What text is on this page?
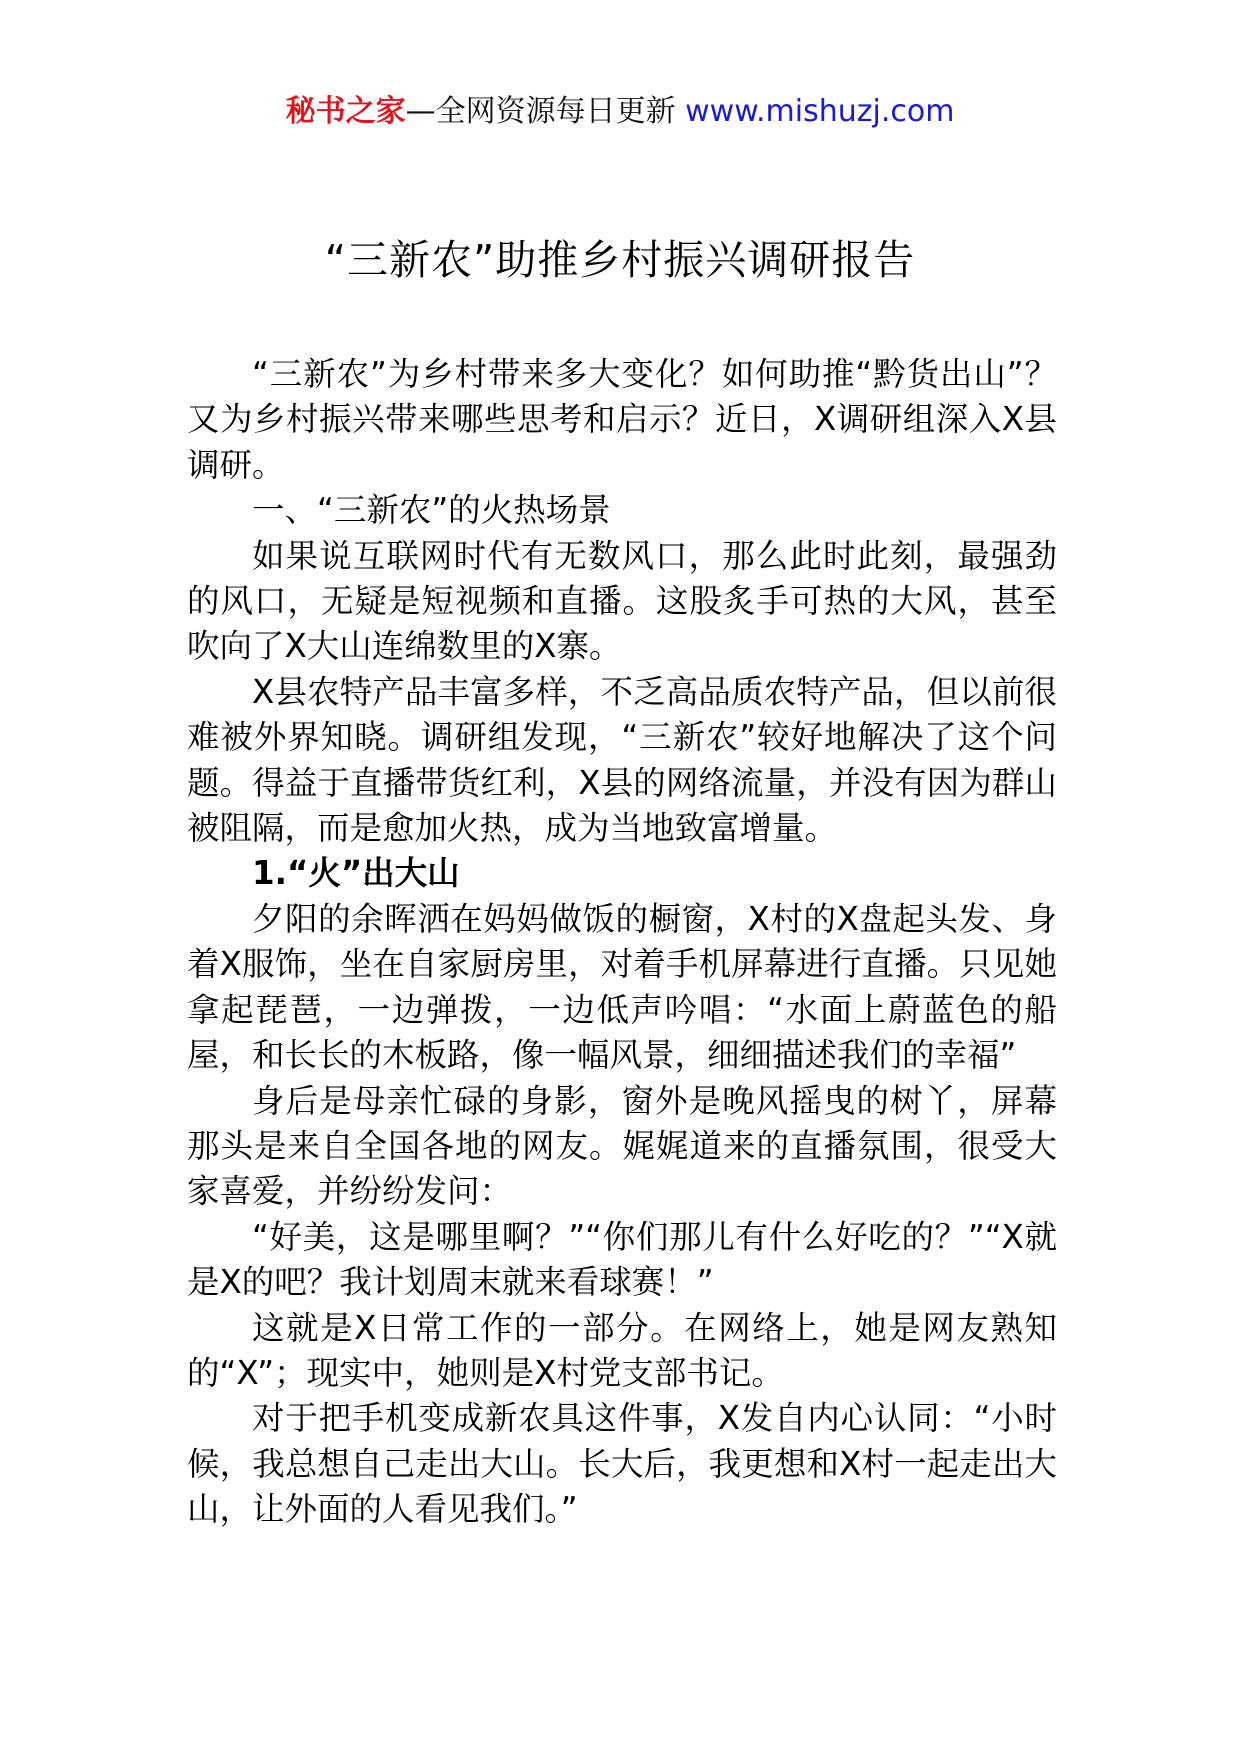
秘书之家—全网资源每日更新 www.mishuzj.com
“三新农”助推乡村振兴调研报告

“三新农”为乡村带来多大变化？如何助推“黔货出山”？又为乡村振兴带来哪些思考和启示？近日，X调研组深入X县调研。

一、“三新农”的火热场景

如果说互联网时代有无数风口，那么此时此刻，最强劲的风口，无疑是短视频和直播。这股炙手可热的大风，甚至吹向了X大山连绵数里的X寨。

X县农特产品丰富多样，不乏高品质农特产品，但以前很难被外界知晓。调研组发现，“三新农”较好地解决了这个问题。得益于直播带货红利，X县的网络流量，并没有因为群山被阻隔，而是愈加火热，成为当地致富增量。

1.“火”出大山

夕阳的余晖洒在妈妈做饭的橱窗，X村的X盘起头发、身着X服饰，坐在自家厨房里，对着手机屏幕进行直播。只见她拿起琵琶，一边弹拨，一边低声吟唱：“水面上蔚蓝色的船屋，和长长的木板路，像一幅风景，细细描述我们的幸福”

身后是母亲忙碌的身影，窗外是晚风摇曳的树丫，屏幕那头是来自全国各地的网友。娓娓道来的直播氛围，很受大家喜爱，并纷纷发问：

“好美，这是哪里啊？”“你们那儿有什么好吃的？”“X就是X的吧？我计划周末就来看球赛！”

这就是X日常工作的一部分。在网络上，她是网友熟知的“X”；现实中，她则是X村党支部书记。

对于把手机变成新农具这件事，X发自内心认同：“小时候，我总想自己走出大山。长大后，我更想和X村一起走出大山，让外面的人看见我们。”
